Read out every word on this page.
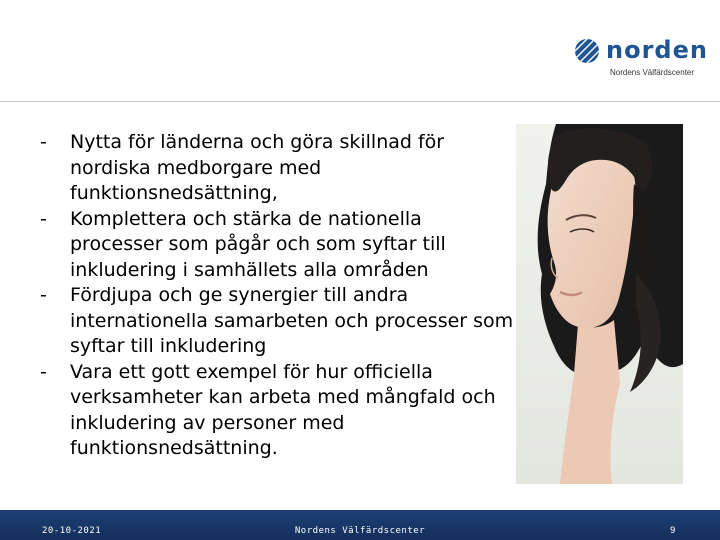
norden
Nordens Välfärdscenter
- Nytta för länderna och göra skillnad för nordiska medborgare med funktionsnedsättning,
- Komplettera och stärka de nationella processer som pågår och som syftar till inkludering i samhällets alla områden
- Fördjupa och ge synergier till andra internationella samarbeten och processer som syftar till inkludering
- Vara ett gott exempel för hur officiella verksamheter kan arbeta med mångfald och inkludering av personer med funktionsnedsättning.
20-10-2021	Nordens Välfärdscenter	9
